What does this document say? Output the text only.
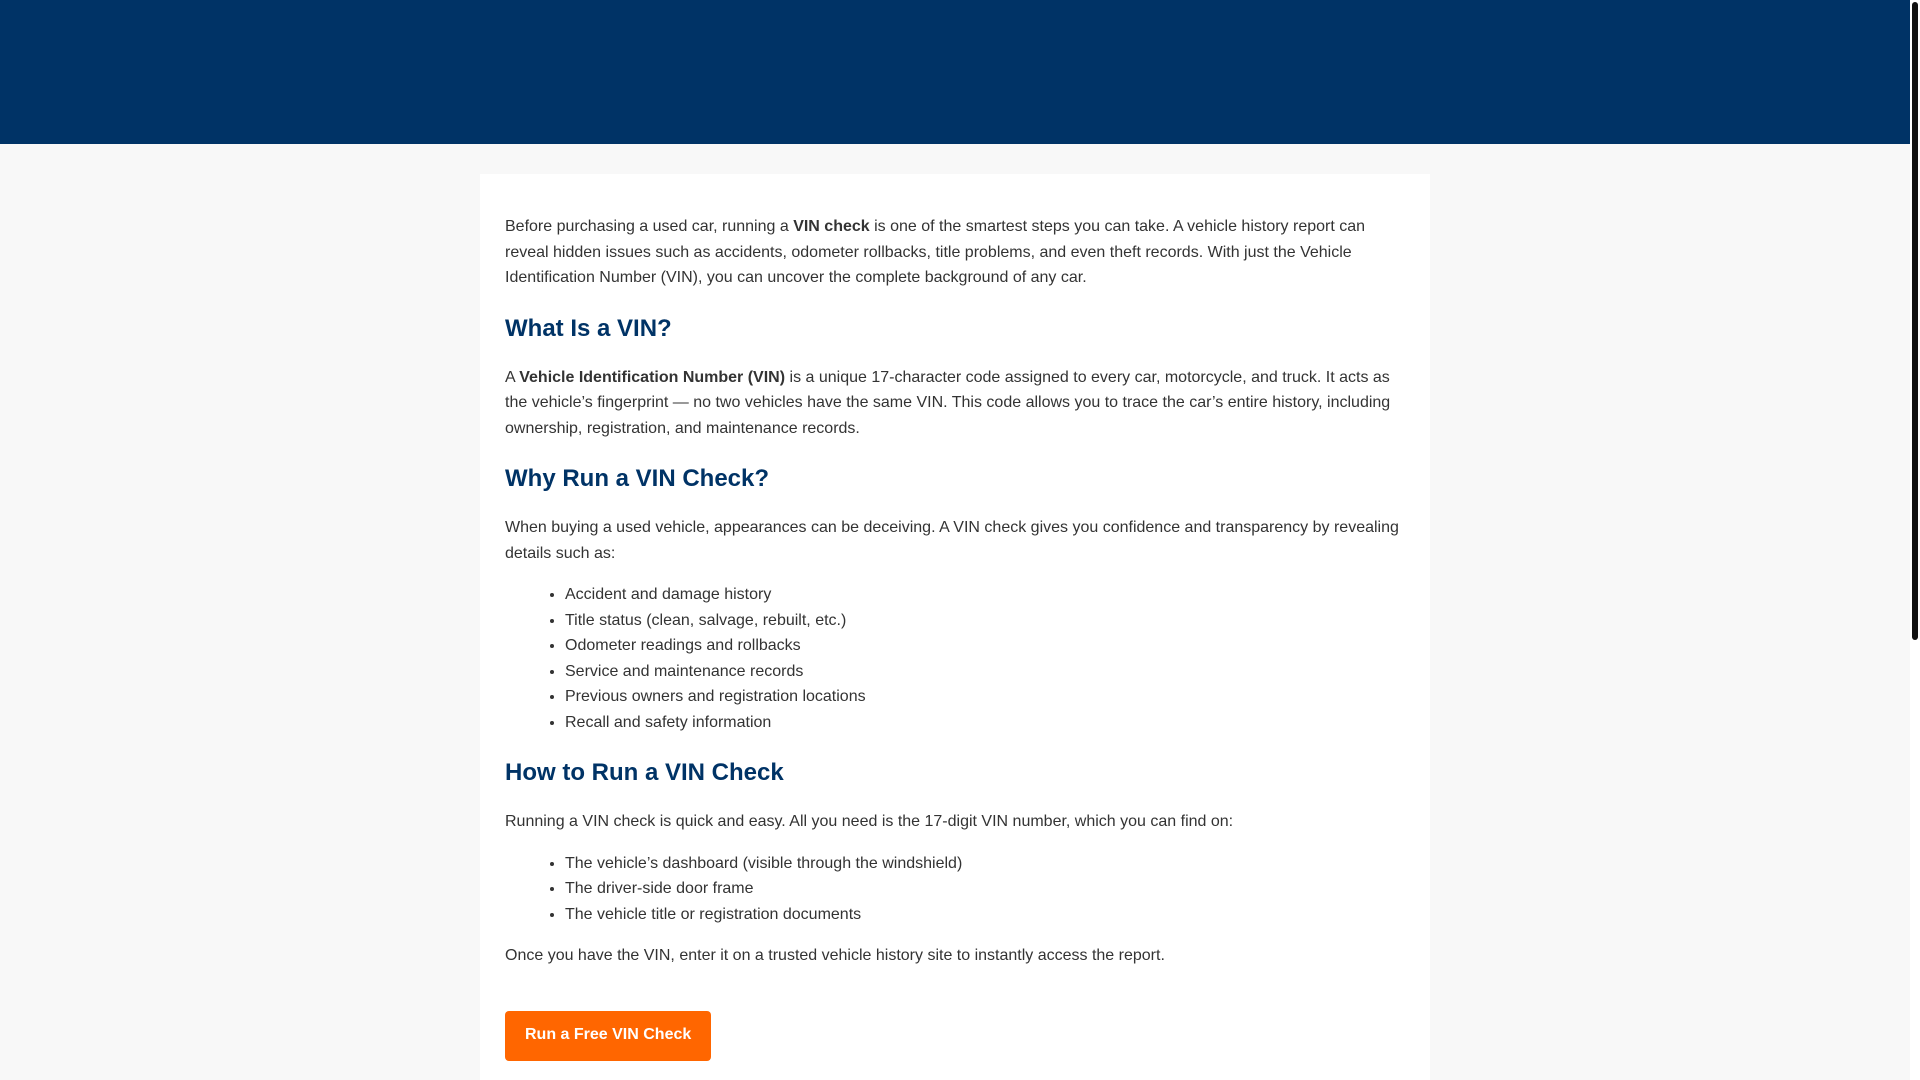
Before purchasing a used car, running a VIN check is one of the smartest steps you can take. A vehicle history report can reveal hidden issues such as accidents, odometer rollbacks, title problems, and even theft records. With just the Vehicle Identification Number (VIN), you can uncover the complete background of any car.

What Is a VIN?

A Vehicle Identification Number (VIN) is a unique 17-character code assigned to every car, motorcycle, and truck. It acts as the vehicle’s fingerprint — no two vehicles have the same VIN. This code allows you to trace the car’s entire history, including ownership, registration, and maintenance records.

Why Run a VIN Check?

When buying a used vehicle, appearances can be deceiving. A VIN check gives you confidence and transparency by revealing details such as:

• Accident and damage history
• Title status (clean, salvage, rebuilt, etc.)
• Odometer readings and rollbacks
• Service and maintenance records
• Previous owners and registration locations
• Recall and safety information
How to Run a VIN Check

Running a VIN check is quick and easy. All you need is the 17-digit VIN number, which you can find on:

• The vehicle’s dashboard (visible through the windshield)
• The driver-side door frame
• The vehicle title or registration documents

Once you have the VIN, enter it on a trusted vehicle history site to instantly access the report.

Run a Free VIN Check
